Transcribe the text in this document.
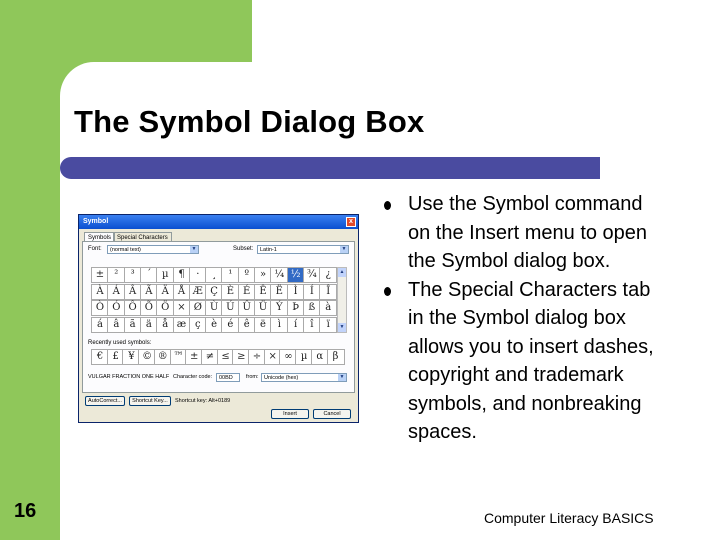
The Symbol Dialog Box
Symbol	x
Symbols Special Characters
Font:	(normal text)	▼	Subset:	Latin-1	▼
±	²	³	´	µ ¶	·	¸	¹	º	» ¼ ½ ¾ ¿
À Á Â Ã Ä Å Æ Ç È É Ê Ë	Ì	Í	Î
Ò Ó Ô Õ Ö × Ø Ù Ú Û Ü Ý Þ ß à
á	â	ã	ä	å æ ç	è	é	ê	ë	ì	í	î	ï
▲
▼
Recently used symbols:
€ £ ¥ © ® ™ ± ≠ ≤ ≥ ÷ × ∞ µ α β
VULGAR FRACTION ONE HALF Character code:	00BD	from: Unicode (hex)	▼
AutoCorrect...	Shortcut Key...	Shortcut key: Alt+0189
Insert	Cancel
Use the Symbol command on the Insert menu to open the Symbol dialog box.
The Special Characters tab in the Symbol dialog box allows you to insert dashes, copyright and trademark symbols, and nonbreaking spaces.
16	Computer Literacy BASICS
